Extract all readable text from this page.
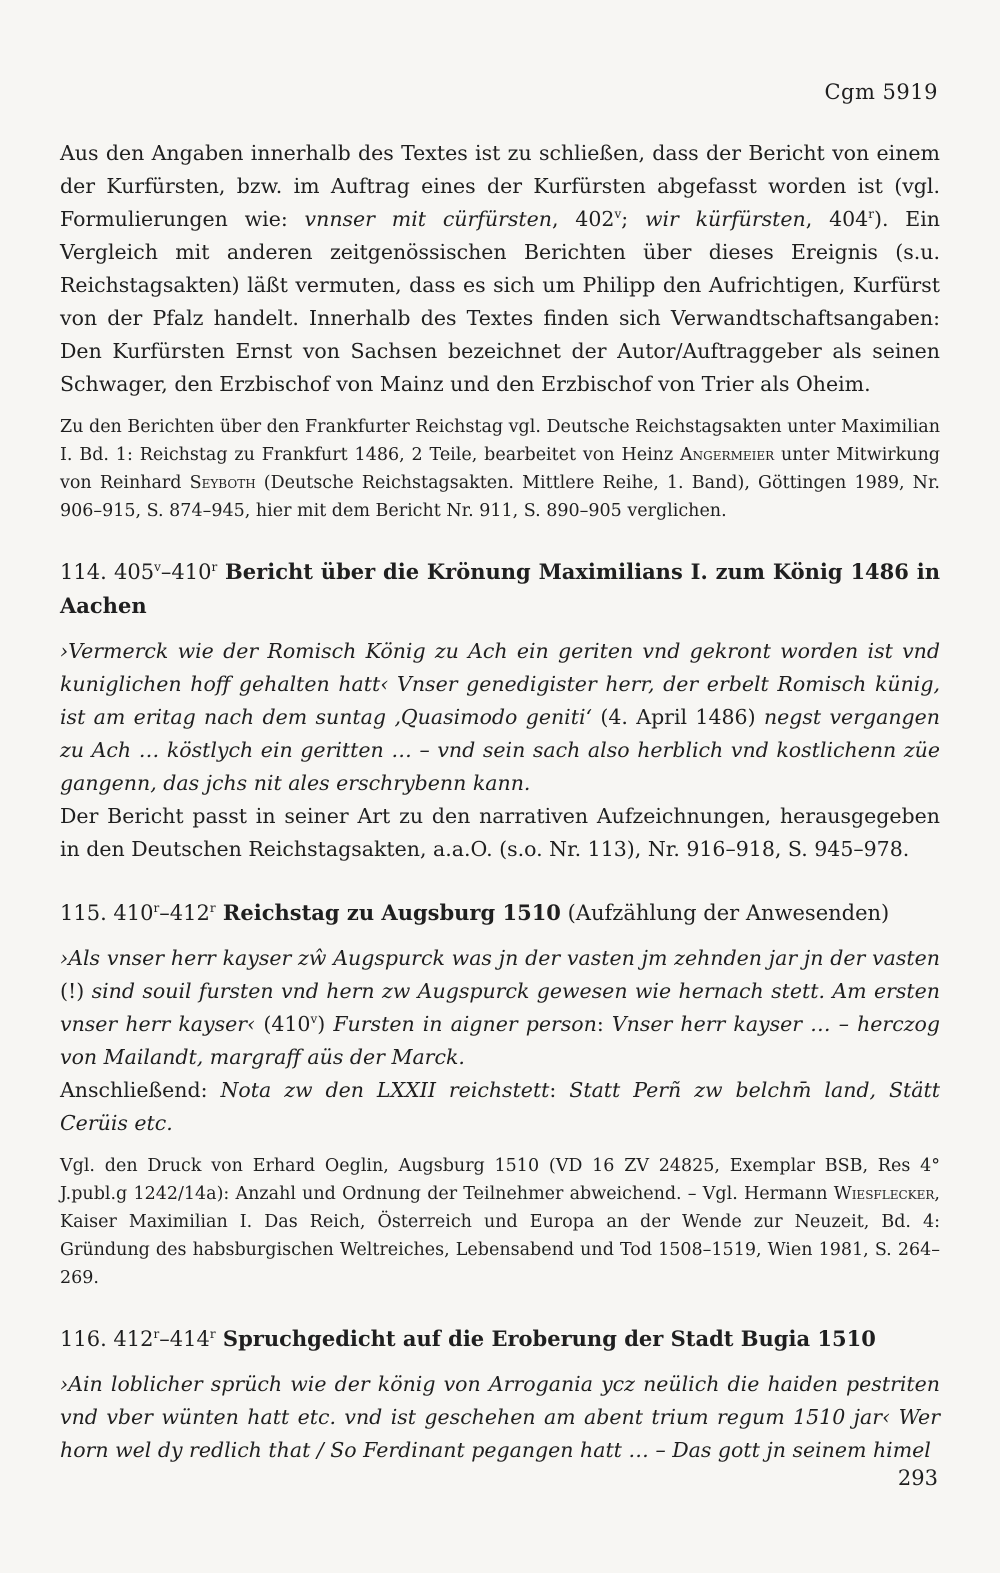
Cgm 5919

Aus den Angaben innerhalb des Textes ist zu schließen, dass der Bericht von einem der Kurfürsten, bzw. im Auftrag eines der Kurfürsten abgefasst worden ist (vgl. Formulierungen wie: vnnser mit cürfürsten, 402$^v$; wir kürfürsten, 404$^r$). Ein Vergleich mit anderen zeitgenössischen Berichten über dieses Ereignis (s.u. Reichstagsakten) läßt vermuten, dass es sich um Philipp den Aufrichtigen, Kurfürst von der Pfalz handelt. Innerhalb des Textes finden sich Verwandtschaftsangaben: Den Kurfürsten Ernst von Sachsen bezeichnet der Autor/Auftraggeber als seinen Schwager, den Erzbischof von Mainz und den Erzbischof von Trier als Oheim.

Zu den Berichten über den Frankfurter Reichstag vgl. Deutsche Reichstagsakten unter Maximilian I. Bd. 1: Reichstag zu Frankfurt 1486, 2 Teile, bearbeitet von Heinz Angermeier unter Mitwirkung von Reinhard Seyboth (Deutsche Reichstagsakten. Mittlere Reihe, 1. Band), Göttingen 1989, Nr. 906–915, S. 874–945, hier mit dem Bericht Nr. 911, S. 890–905 verglichen.

114. 405$^v$–410$^r$ Bericht über die Krönung Maximilians I. zum König 1486 in Aachen

›Vermerck wie der Romisch König zu Ach ein geriten vnd gekront worden ist vnd kuniglichen hoff gehalten hatt‹ Vnser genedigister herr, der erbelt Romisch künig, ist am eritag nach dem suntag ‚Quasimodo geniti‘ (4. April 1486) negst vergangen zu Ach … köstlych ein geritten … – vnd sein sach also herblich vnd kostlichenn züe gangenn, das jchs nit ales erschrybenn kann.

Der Bericht passt in seiner Art zu den narrativen Aufzeichnungen, herausgegeben in den Deutschen Reichstagsakten, a.a.O. (s.o. Nr. 113), Nr. 916–918, S. 945–978.

115. 410$^r$–412$^r$ Reichstag zu Augsburg 1510 (Aufzählung der Anwesenden)

›Als vnser herr kayser zŵ Augspurck was jn der vasten jm zehnden jar jn der vasten (!) sind souil fursten vnd hern zw Augspurck gewesen wie hernach stett. Am ersten vnser herr kayser‹ (410$^v$) Fursten in aigner person: Vnser herr kayser … – herczog von Mailandt, margraff aüs der Marck.

Anschließend: Nota zw den LXXII reichstett: Statt Perñ zw belchm̄ land, Stätt Cerüis etc.

Vgl. den Druck von Erhard Oeglin, Augsburg 1510 (VD 16 ZV 24825, Exemplar BSB, Res 4° J.publ.g 1242/14a): Anzahl und Ordnung der Teilnehmer abweichend. – Vgl. Hermann Wiesflecker, Kaiser Maximilian I. Das Reich, Österreich und Europa an der Wende zur Neuzeit, Bd. 4: Gründung des habsburgischen Weltreiches, Lebensabend und Tod 1508–1519, Wien 1981, S. 264–269.

116. 412$^r$–414$^r$ Spruchgedicht auf die Eroberung der Stadt Bugia 1510

›Ain loblicher sprüch wie der könig von Arrogania ycz neülich die haiden pestriten vnd vber wünten hatt etc. vnd ist geschehen am abent trium regum 1510 jar‹ Wer horn wel dy redlich that / So Ferdinant pegangen hatt … – Das gott jn seinem himel

293
